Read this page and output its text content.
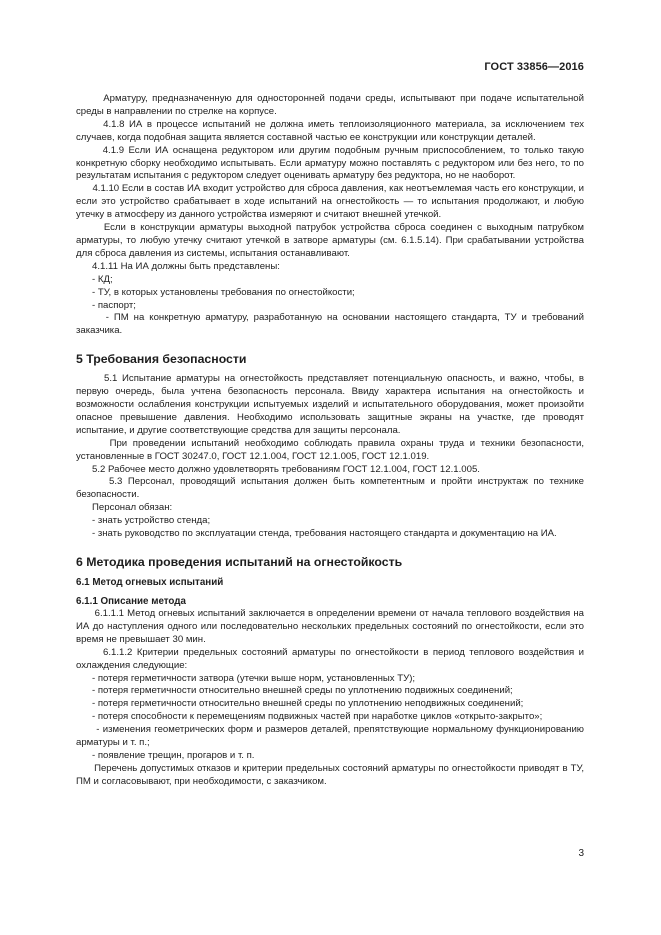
ГОСТ 33856—2016

Арматуру, предназначенную для односторонней подачи среды, испытывают при подаче испытательной среды в направлении по стрелке на корпусе.

4.1.8 ИА в процессе испытаний не должна иметь теплоизоляционного материала, за исключением тех случаев, когда подобная защита является составной частью ее конструкции или конструкции деталей.

4.1.9 Если ИА оснащена редуктором или другим подобным ручным приспособлением, то только такую конкретную сборку необходимо испытывать. Если арматуру можно поставлять с редуктором или без него, то по результатам испытания с редуктором следует оценивать арматуру без редуктора, но не наоборот.

4.1.10 Если в состав ИА входит устройство для сброса давления, как неотъемлемая часть его конструкции, и если это устройство срабатывает в ходе испытаний на огнестойкость — то испытания продолжают, и любую утечку в атмосферу из данного устройства измеряют и считают внешней утечкой.

Если в конструкции арматуры выходной патрубок устройства сброса соединен с выходным патрубком арматуры, то любую утечку считают утечкой в затворе арматуры (см. 6.1.5.14). При срабатывании устройства для сброса давления из системы, испытания останавливают.

4.1.11 На ИА должны быть представлены:

- КД;

- ТУ, в которых установлены требования по огнестойкости;

- паспорт;

- ПМ на конкретную арматуру, разработанную на основании настоящего стандарта, ТУ и требований заказчика.

5 Требования безопасности

5.1 Испытание арматуры на огнестойкость представляет потенциальную опасность, и важно, чтобы, в первую очередь, была учтена безопасность персонала. Ввиду характера испытания на огнестойкость и возможности ослабления конструкции испытуемых изделий и испытательного оборудования, может произойти опасное превышение давления. Необходимо использовать защитные экраны на участке, где проводят испытание, и другие соответствующие средства для защиты персонала.

При проведении испытаний необходимо соблюдать правила охраны труда и техники безопасности, установленные в ГОСТ 30247.0, ГОСТ 12.1.004, ГОСТ 12.1.005, ГОСТ 12.1.019.

5.2 Рабочее место должно удовлетворять требованиям ГОСТ 12.1.004, ГОСТ 12.1.005.

5.3 Персонал, проводящий испытания должен быть компетентным и пройти инструктаж по технике безопасности.

Персонал обязан:

- знать устройство стенда;

- знать руководство по эксплуатации стенда, требования настоящего стандарта и документацию на ИА.

6 Методика проведения испытаний на огнестойкость
6.1 Метод огневых испытаний
6.1.1 Описание метода

6.1.1.1 Метод огневых испытаний заключается в определении времени от начала теплового воздействия на ИА до наступления одного или последовательно нескольких предельных состояний по огнестойкости, если это время не превышает 30 мин.

6.1.1.2 Критерии предельных состояний арматуры по огнестойкости в период теплового воздействия и охлаждения следующие:

- потеря герметичности затвора (утечки выше норм, установленных ТУ);

- потеря герметичности относительно внешней среды по уплотнению подвижных соединений;

- потеря герметичности относительно внешней среды по уплотнению неподвижных соединений;

- потеря способности к перемещениям подвижных частей при наработке циклов «открыто-закрыто»;

- изменения геометрических форм и размеров деталей, препятствующие нормальному функционированию арматуры и т. п.;

- появление трещин, прогаров и т. п.

Перечень допустимых отказов и критерии предельных состояний арматуры по огнестойкости приводят в ТУ, ПМ и согласовывают, при необходимости, с заказчиком.

3
